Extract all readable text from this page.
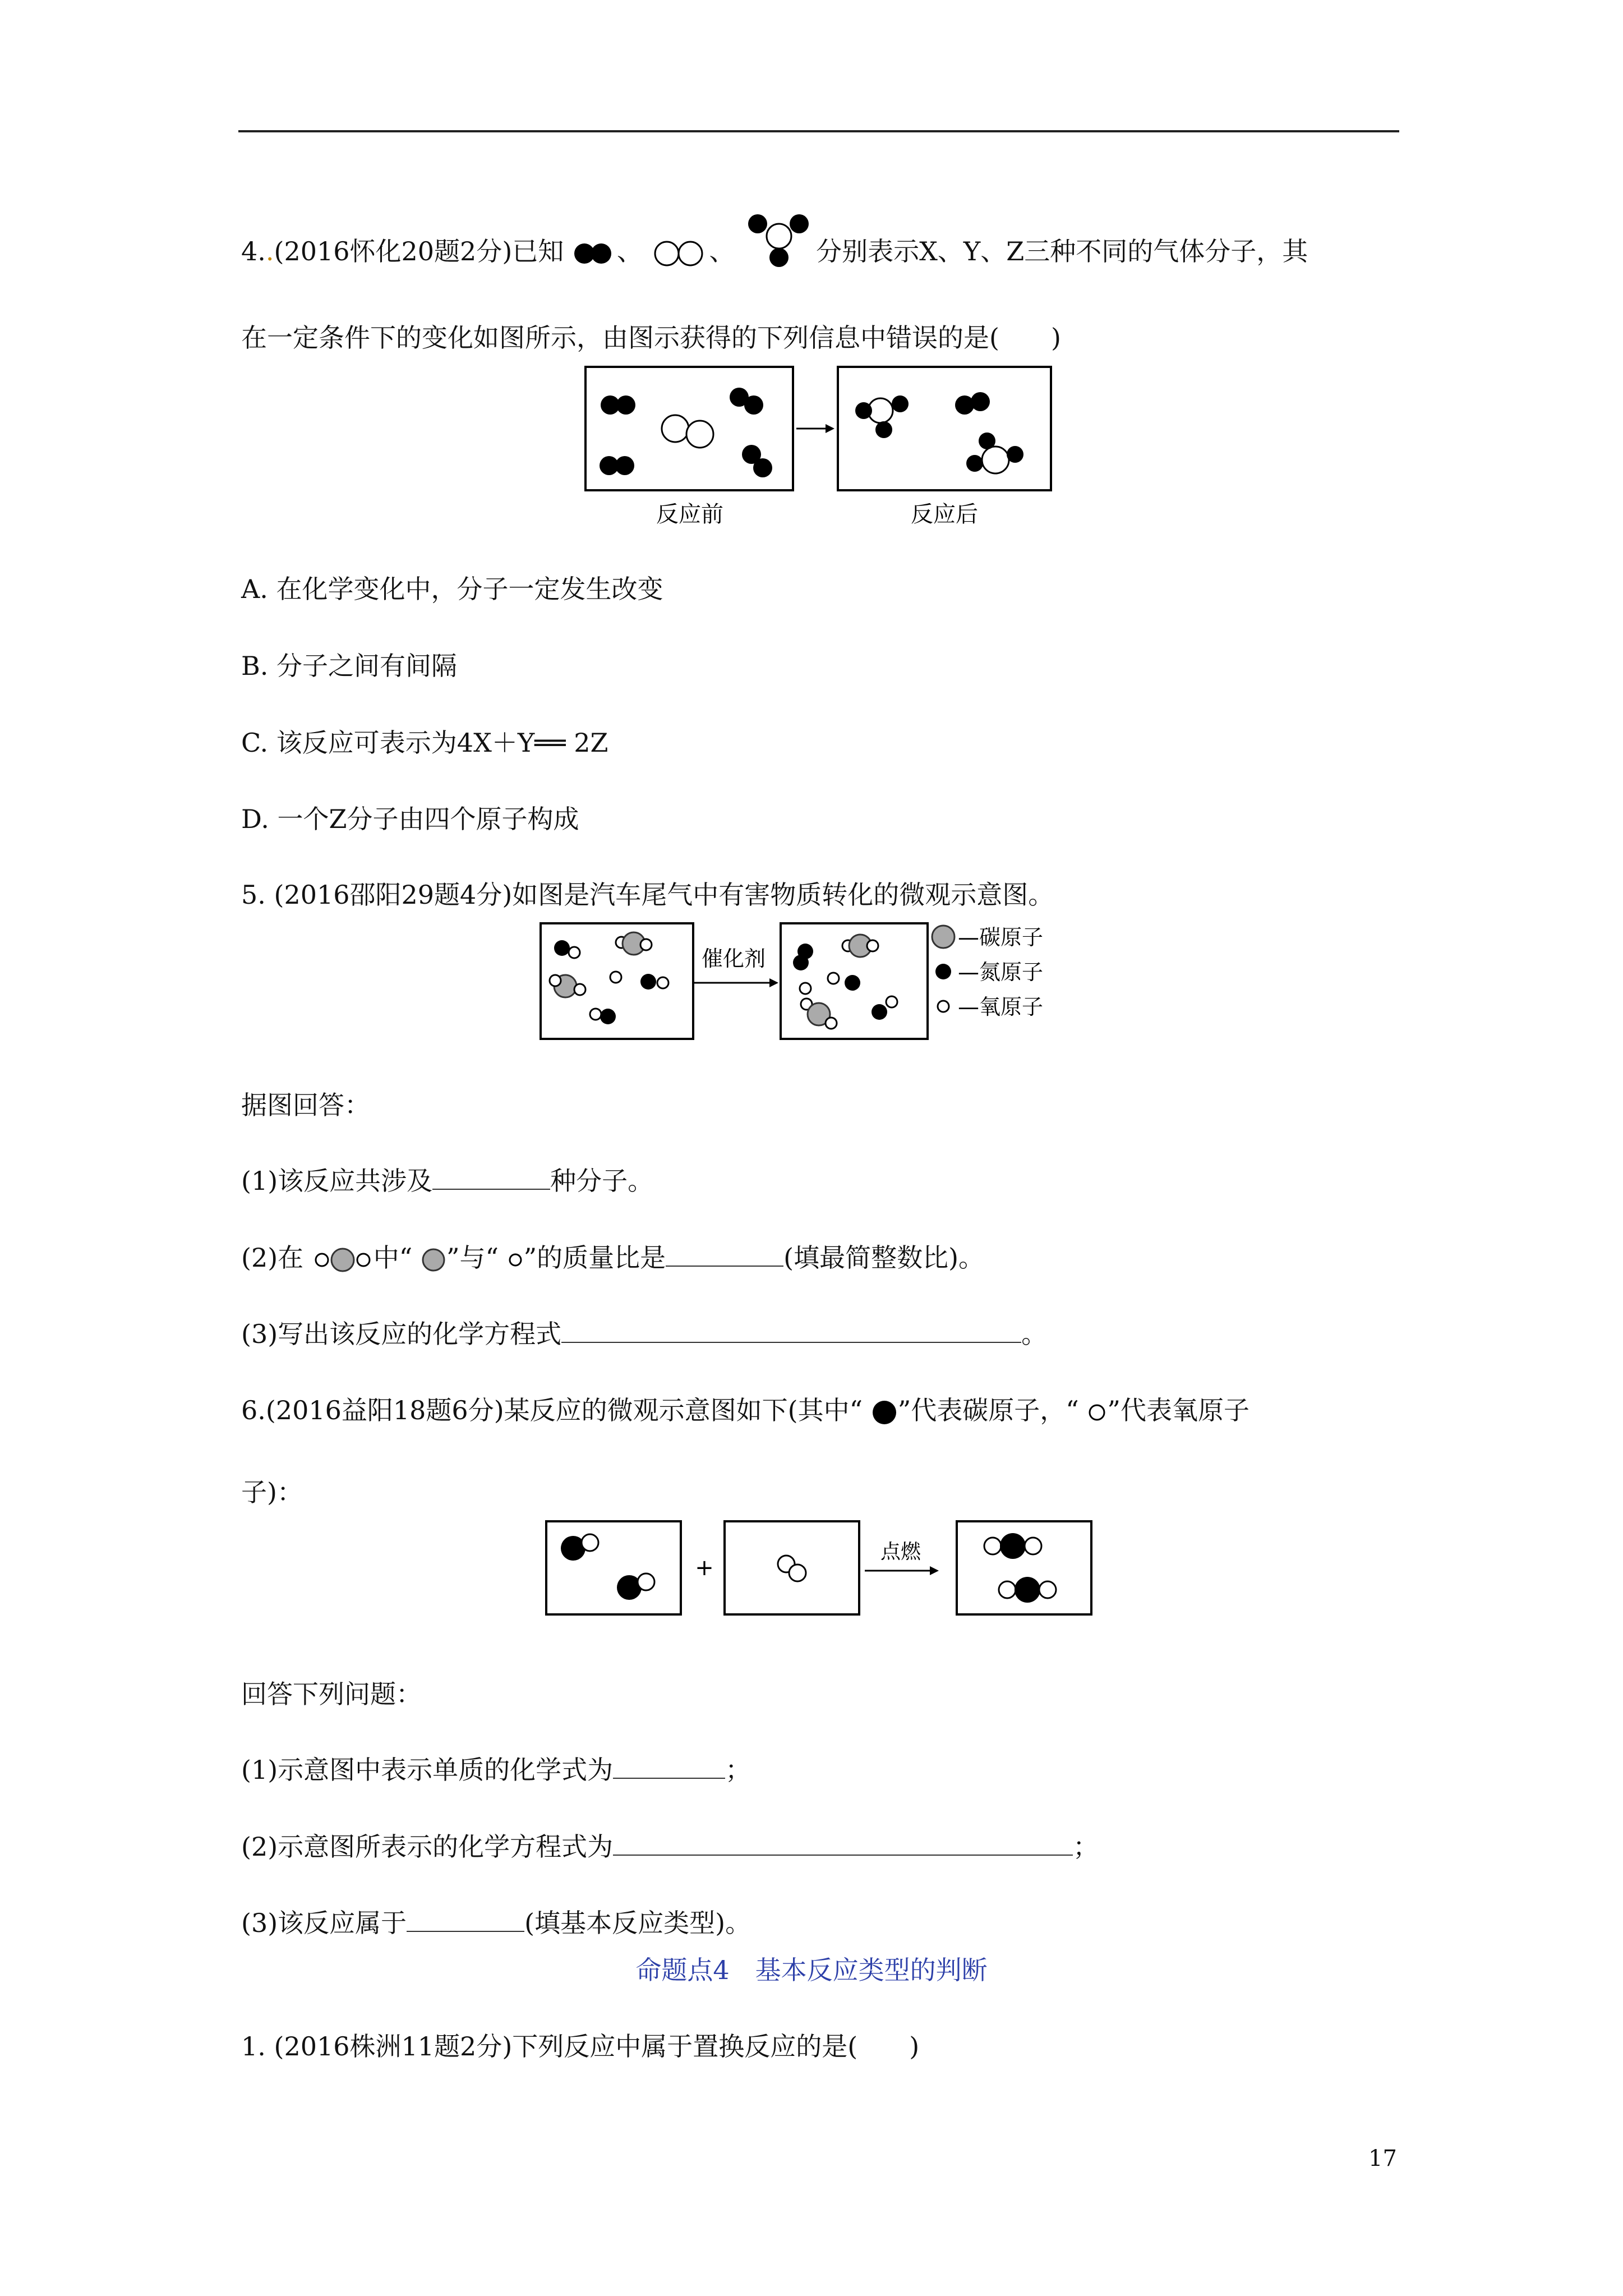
4..(2016怀化20题2分)已知 、	、	分别表示X、Y、Z三种不同的气体分子，其
在一定条件下的变化如图所示，由图示获得的下列信息中错误的是(　　)
反应前	反应后
A. 在化学变化中，分子一定发生改变
B. 分子之间有间隔
C. 该反应可表示为4X＋Y══ 2Z
D. 一个Z分子由四个原子构成
5. (2016邵阳29题4分)如图是汽车尾气中有害物质转化的微观示意图。
催化剂
—碳原子
—氮原子
—氧原子
据图回答：
(1)该反应共涉及	种分子。
(2)在	中“ ”与“ ”的质量比是	(填最简整数比)。
(3)写出该反应的化学方程式	。
6.(2016益阳18题6分)某反应的微观示意图如下(其中“ ”代表碳原子，“ ”代表氧原子
子)：
+
点燃
回答下列问题：
(1)示意图中表示单质的化学式为	；
(2)示意图所表示的化学方程式为	；
(3)该反应属于	(填基本反应类型)。
命题点4　基本反应类型的判断
1. (2016株洲11题2分)下列反应中属于置换反应的是(　　)
17
